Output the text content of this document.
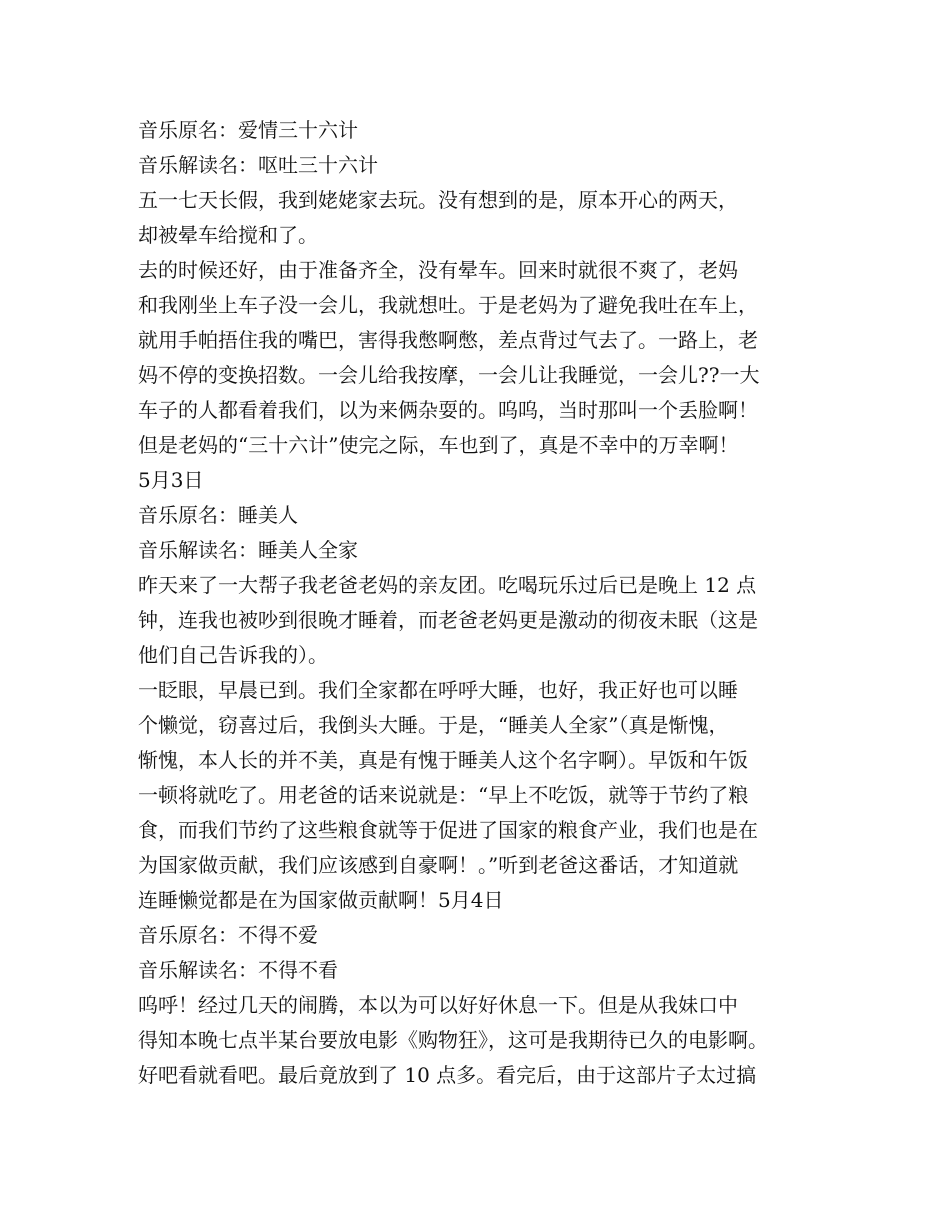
音乐原名：爱情三十六计
音乐解读名：呕吐三十六计
五一七天长假，我到姥姥家去玩。没有想到的是，原本开心的两天，
却被晕车给搅和了。
去的时候还好，由于准备齐全，没有晕车。回来时就很不爽了，老妈
和我刚坐上车子没一会儿，我就想吐。于是老妈为了避免我吐在车上，
就用手帕捂住我的嘴巴，害得我憋啊憋，差点背过气去了。一路上，老
妈不停的变换招数。一会儿给我按摩，一会儿让我睡觉，一会儿??一大
车子的人都看着我们，以为来俩杂耍的。呜呜，当时那叫一个丢脸啊！
但是老妈的“三十六计”使完之际，车也到了，真是不幸中的万幸啊！
5月3日
音乐原名：睡美人
音乐解读名：睡美人全家
昨天来了一大帮子我老爸老妈的亲友团。吃喝玩乐过后已是晚上 12 点
钟，连我也被吵到很晚才睡着，而老爸老妈更是激动的彻夜未眠（这是
他们自己告诉我的）。
一眨眼，早晨已到。我们全家都在呼呼大睡，也好，我正好也可以睡
个懒觉，窃喜过后，我倒头大睡。于是，“睡美人全家”（真是惭愧，
惭愧，本人长的并不美，真是有愧于睡美人这个名字啊）。早饭和午饭
一顿将就吃了。用老爸的话来说就是：“早上不吃饭，就等于节约了粮
食，而我们节约了这些粮食就等于促进了国家的粮食产业，我们也是在
为国家做贡献，我们应该感到自豪啊！。”听到老爸这番话，才知道就
连睡懒觉都是在为国家做贡献啊！5月4日
音乐原名：不得不爱
音乐解读名：不得不看
呜呼！经过几天的闹腾，本以为可以好好休息一下。但是从我妹口中
得知本晚七点半某台要放电影《购物狂》，这可是我期待已久的电影啊。
好吧看就看吧。最后竟放到了 10 点多。看完后，由于这部片子太过搞
